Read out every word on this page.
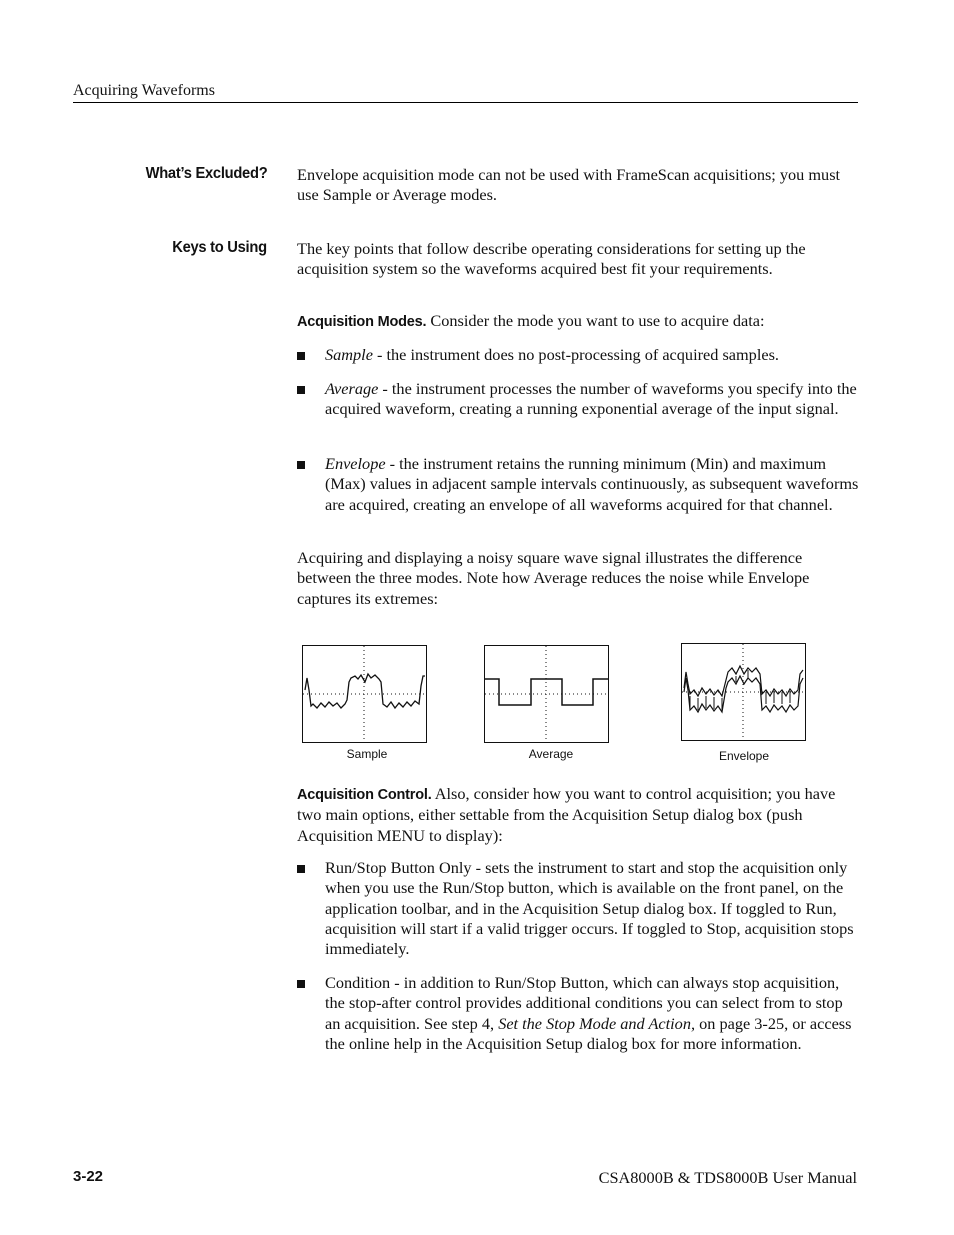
Acquiring Waveforms
What’s Excluded? Envelope acquisition mode can not be used with FrameScan acquisitions; you must use Sample or Average modes.
Keys to Using The key points that follow describe operating considerations for setting up the acquisition system so the waveforms acquired best fit your requirements.
Acquisition Modes. Consider the mode you want to use to acquire data:
Sample - the instrument does no post-processing of acquired samples.
Average - the instrument processes the number of waveforms you specify into the acquired waveform, creating a running exponential average of the input signal.
Envelope - the instrument retains the running minimum (Min) and maximum (Max) values in adjacent sample intervals continuously, as subsequent waveforms are acquired, creating an envelope of all waveforms acquired for that channel.
Acquiring and displaying a noisy square wave signal illustrates the difference between the three modes. Note how Average reduces the noise while Envelope captures its extremes:
Sample	Average	Envelope
Acquisition Control. Also, consider how you want to control acquisition; you have two main options, either settable from the Acquisition Setup dialog box (push Acquisition MENU to display):
Run/Stop Button Only - sets the instrument to start and stop the acquisition only when you use the Run/Stop button, which is available on the front panel, on the application toolbar, and in the Acquisition Setup dialog box. If toggled to Run, acquisition will start if a valid trigger occurs. If toggled to Stop, acquisition stops immediately.
Condition - in addition to Run/Stop Button, which can always stop acquisition, the stop-after control provides additional conditions you can select from to stop an acquisition. See step 4, Set the Stop Mode and Action, on page 3-25, or access the online help in the Acquisition Setup dialog box for more information.
3-22	CSA8000B & TDS8000B User Manual
